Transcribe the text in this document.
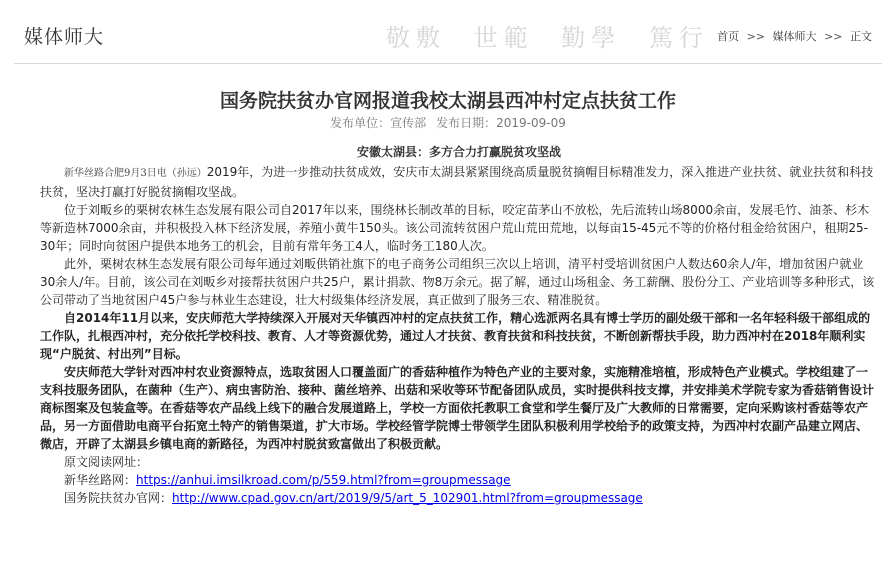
媒体师大	敬敷 世範 勤學 篤行 首页 >> 媒体师大 >> 正文
国务院扶贫办官网报道我校太湖县西冲村定点扶贫工作
发布单位：宣传部 发布日期：2019-09-09
安徽太湖县：多方合力打赢脱贫攻坚战

新华丝路合肥9月3日电（孙远）2019年，为进一步推动扶贫成效，安庆市太湖县紧紧围绕高质量脱贫摘帽目标精准发力，深入推进产业扶贫、就业扶贫和科技扶贫，坚决打赢打好脱贫摘帽攻坚战。

位于刘畈乡的栗树农林生态发展有限公司自2017年以来，围绕林长制改革的目标，咬定苗茅山不放松，先后流转山场8000余亩，发展毛竹、油茶、杉木等新造林7000余亩，并积极投入林下经济发展，养殖小黄牛150头。该公司流转贫困户荒山荒田荒地，以每亩15-45元不等的价格付租金给贫困户，租期25-30年；同时向贫困户提供本地务工的机会，目前有常年务工4人，临时务工180人次。

此外，栗树农林生态发展有限公司每年通过刘畈供销社旗下的电子商务公司组织三次以上培训，清平村受培训贫困户人数达60余人/年，增加贫困户就业30余人/年。目前，该公司在刘畈乡对接帮扶贫困户共25户，累计捐款、物8万余元。据了解，通过山场租金、务工薪酬、股份分工、产业培训等多种形式，该公司带动了当地贫困户45户参与林业生态建设，壮大村级集体经济发展，真正做到了服务三农、精准脱贫。

自2014年11月以来，安庆师范大学持续深入开展对天华镇西冲村的定点扶贫工作，精心选派两名具有博士学历的副处级干部和一名年轻科级干部组成的工作队，扎根西冲村，充分依托学校科技、教育、人才等资源优势，通过人才扶贫、教育扶贫和科技扶贫，不断创新帮扶手段，助力西冲村在2018年顺利实现“户脱贫、村出列”目标。

安庆师范大学针对西冲村农业资源特点，选取贫困人口覆盖面广的香菇种植作为特色产业的主要对象，实施精准培植，形成特色产业模式。学校组建了一支科技服务团队，在菌种（生产）、病虫害防治、接种、菌丝培养、出菇和采收等环节配备团队成员，实时提供科技支撑，并安排美术学院专家为香菇销售设计商标图案及包装盒等。在香菇等农产品线上线下的融合发展道路上，学校一方面依托教职工食堂和学生餐厅及广大教师的日常需要，定向采购该村香菇等农产品，另一方面借助电商平台拓宽土特产的销售渠道，扩大市场。学校经管学院博士带领学生团队积极利用学校给予的政策支持，为西冲村农副产品建立网店、微店，开辟了太湖县乡镇电商的新路径，为西冲村脱贫致富做出了积极贡献。

原文阅读网址：

新华丝路网：https://anhui.imsilkroad.com/p/559.html?from=groupmessage

国务院扶贫办官网：http://www.cpad.gov.cn/art/2019/9/5/art_5_102901.html?from=groupmessage
